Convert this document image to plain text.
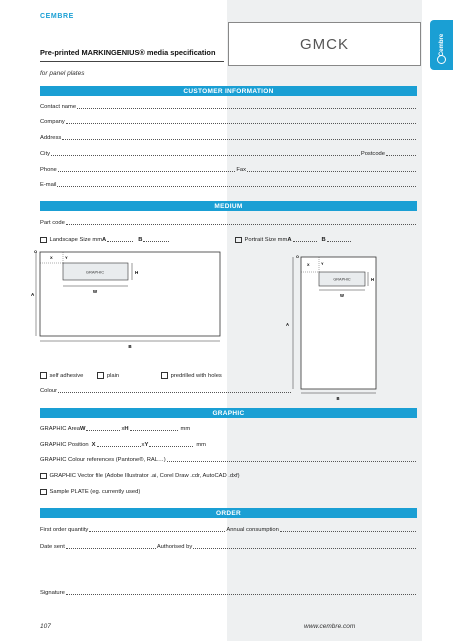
Cembre
CEMBRE
GMCK
Pre-printed MARKINGENIUS® media specification
for panel plates
CUSTOMER INFORMATION
Contact name
Company
Address
City	Postcode
Phone	Fax
E-mail
MEDIUM
Part code
Landscape Size mm A	B	Portrait Size mm A	B
GRAPHIC
X	Y
O
W
H
A
B
GRAPHIC
X	Y
O
W
H
A
B
self adhesive	plain	predrilled with holes
Colour
GRAPHIC
GRAPHIC Area W	x H	mm
GRAPHIC Position X	x Y	mm
GRAPHIC Colour references (Pantone®, RAL…)
GRAPHIC Vector file (Adobe Illustrator .ai, Corel Draw .cdr, AutoCAD .dxf)
Sample PLATE (eg. currently used)
ORDER
First order quantity	Annual consumption
Date sent	Authorised by
Signature
107	www.cembre.com
